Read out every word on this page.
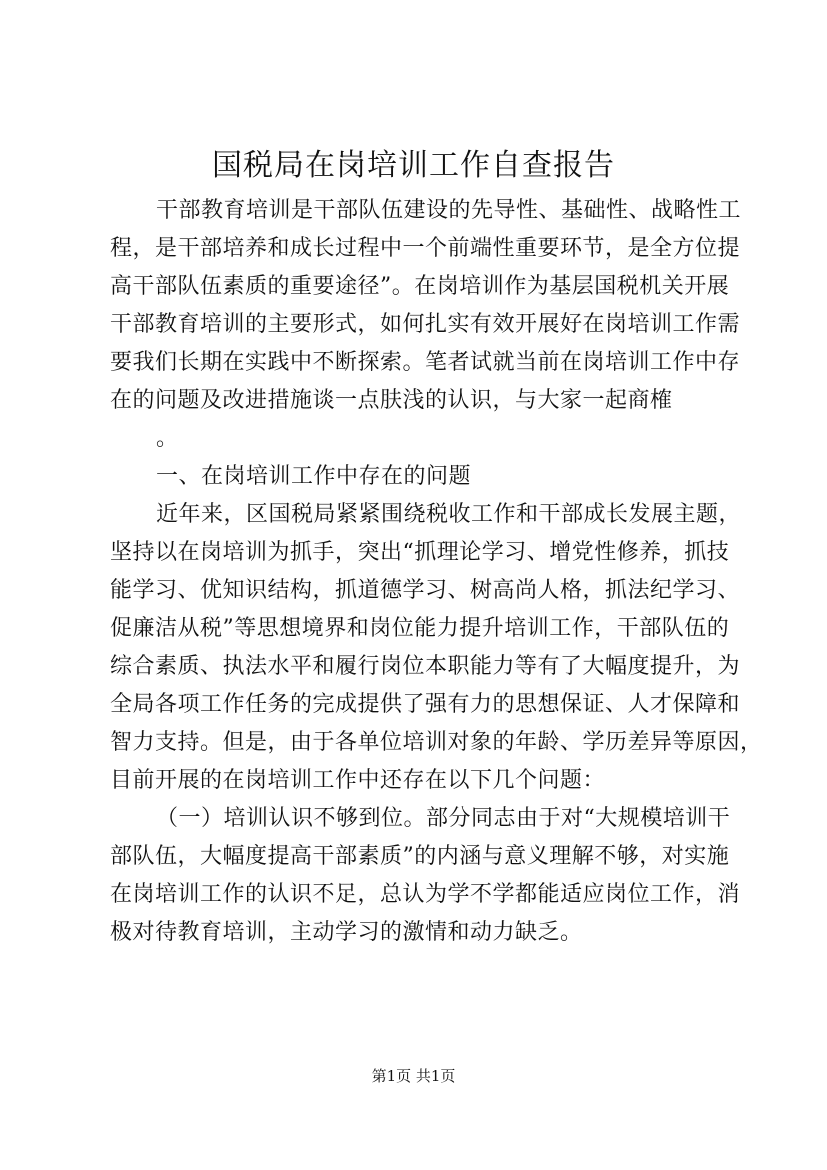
国税局在岗培训工作自查报告
干部教育培训是干部队伍建设的先导性、基础性、战略性工
程，是干部培养和成长过程中一个前端性重要环节，是全方位提
高干部队伍素质的重要途径”。在岗培训作为基层国税机关开展
干部教育培训的主要形式，如何扎实有效开展好在岗培训工作需
要我们长期在实践中不断探索。笔者试就当前在岗培训工作中存
在的问题及改进措施谈一点肤浅的认识，与大家一起商榷
。
一、在岗培训工作中存在的问题
近年来，区国税局紧紧围绕税收工作和干部成长发展主题，
坚持以在岗培训为抓手，突出“抓理论学习、增党性修养，抓技
能学习、优知识结构，抓道德学习、树高尚人格，抓法纪学习、
促廉洁从税”等思想境界和岗位能力提升培训工作，干部队伍的
综合素质、执法水平和履行岗位本职能力等有了大幅度提升，为
全局各项工作任务的完成提供了强有力的思想保证、人才保障和
智力支持。但是，由于各单位培训对象的年龄、学历差异等原因，
目前开展的在岗培训工作中还存在以下几个问题：
（一）培训认识不够到位。部分同志由于对“大规模培训干
部队伍，大幅度提高干部素质”的内涵与意义理解不够，对实施
在岗培训工作的认识不足，总认为学不学都能适应岗位工作，消
极对待教育培训，主动学习的激情和动力缺乏。
第1页 共1页
